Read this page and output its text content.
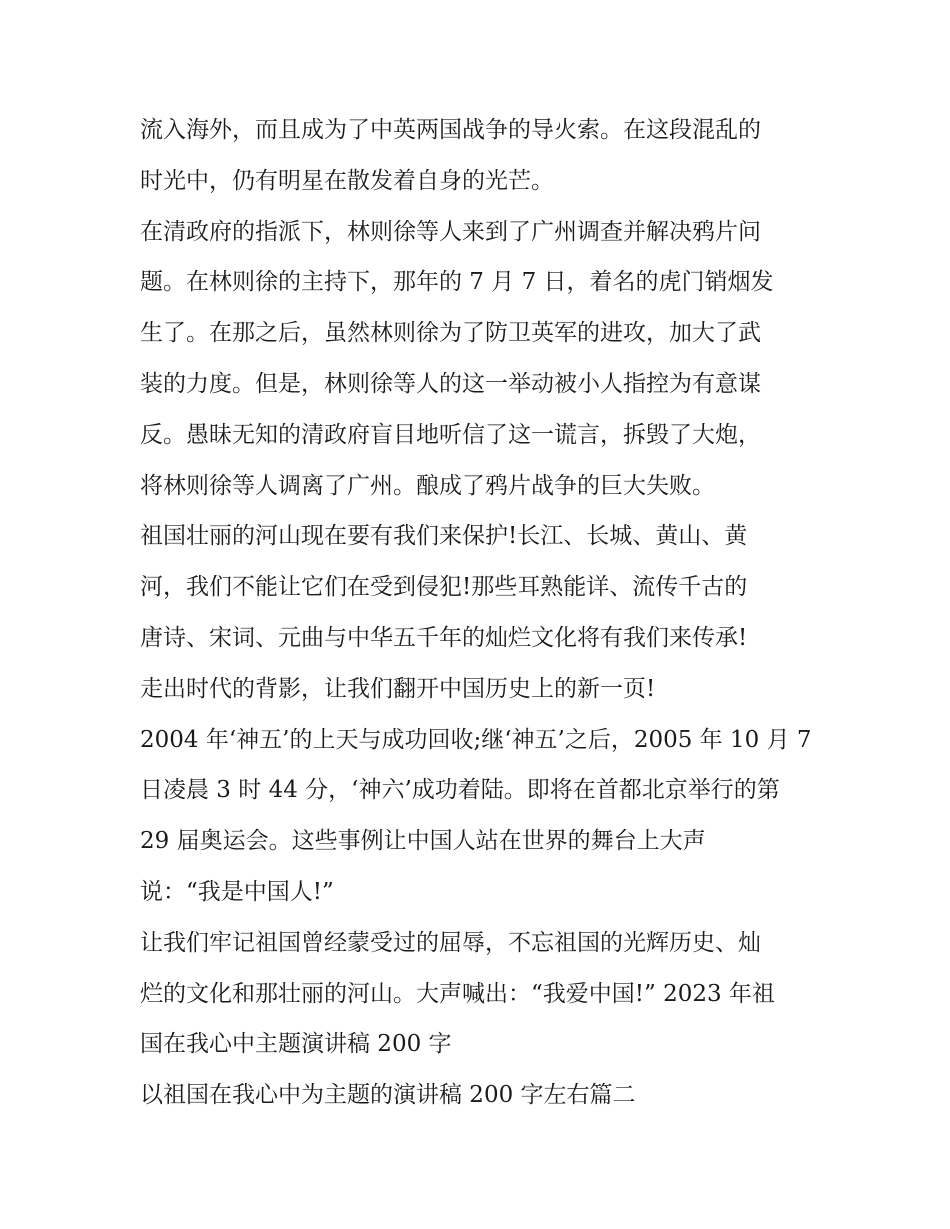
流入海外，而且成为了中英两国战争的导火索。在这段混乱的
时光中，仍有明星在散发着自身的光芒。
在清政府的指派下，林则徐等人来到了广州调查并解决鸦片问
题。在林则徐的主持下，那年的 7 月 7 日，着名的虎门销烟发
生了。在那之后，虽然林则徐为了防卫英军的进攻，加大了武
装的力度。但是，林则徐等人的这一举动被小人指控为有意谋
反。愚昧无知的清政府盲目地听信了这一谎言，拆毁了大炮，
将林则徐等人调离了广州。酿成了鸦片战争的巨大失败。
祖国壮丽的河山现在要有我们来保护!长江、长城、黄山、黄
河，我们不能让它们在受到侵犯!那些耳熟能详、流传千古的
唐诗、宋词、元曲与中华五千年的灿烂文化将有我们来传承!
走出时代的背影，让我们翻开中国历史上的新一页!
2004 年‘神五’的上天与成功回收;继‘神五’之后，2005 年 10 月 7
日凌晨 3 时 44 分，‘神六’成功着陆。即将在首都北京举行的第
29 届奥运会。这些事例让中国人站在世界的舞台上大声
说：“我是中国人!”
让我们牢记祖国曾经蒙受过的屈辱，不忘祖国的光辉历史、灿
烂的文化和那壮丽的河山。大声喊出：“我爱中国!” 2023 年祖
国在我心中主题演讲稿 200 字
以祖国在我心中为主题的演讲稿 200 字左右篇二
